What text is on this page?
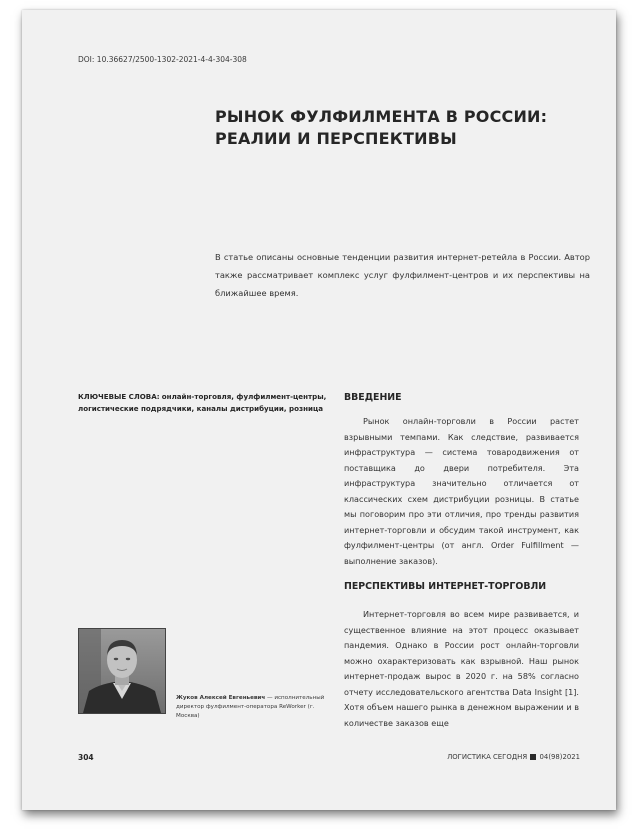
DOI: 10.36627/2500-1302-2021-4-4-304-308
РЫНОК ФУЛФИЛМЕНТА В РОССИИ: РЕАЛИИ И ПЕРСПЕКТИВЫ

В статье описаны основные тенденции развития интернет-ретейла в России. Автор также рассматривает комплекс услуг фулфилмент-центров и их перспективы на ближайшее время.

КЛЮЧЕВЫЕ СЛОВА: онлайн-торговля, фулфилмент-центры, логистические подрядчики, каналы дистрибуции, розница

ВВЕДЕНИЕ

Рынок онлайн-торговли в России растет взрывными темпами. Как следствие, развивается инфраструктура — система товародвижения от поставщика до двери потребителя. Эта инфраструктура значительно отличается от классических схем дистрибуции розницы. В статье мы поговорим про эти отличия, про тренды развития интернет-торговли и обсудим такой инструмент, как фулфилмент-центры (от англ. Order Fulfillment — выполнение заказов).

ПЕРСПЕКТИВЫ ИНТЕРНЕТ-ТОРГОВЛИ

Интернет-торговля во всем мире развивается, и существенное влияние на этот процесс оказывает пандемия. Однако в России рост онлайн-торговли можно охарактеризовать как взрывной. Наш рынок интернет-продаж вырос в 2020 г. на 58% согласно отчету исследовательского агентства Data Insight [1]. Хотя объем нашего рынка в денежном выражении и в количестве заказов еще

Жуков Алексей Евгеньевич — исполнительный директор фулфилмент-оператора ReWorker (г. Москва)

304	ЛОГИСТИКА СЕГОДНЯ 04(98)2021
